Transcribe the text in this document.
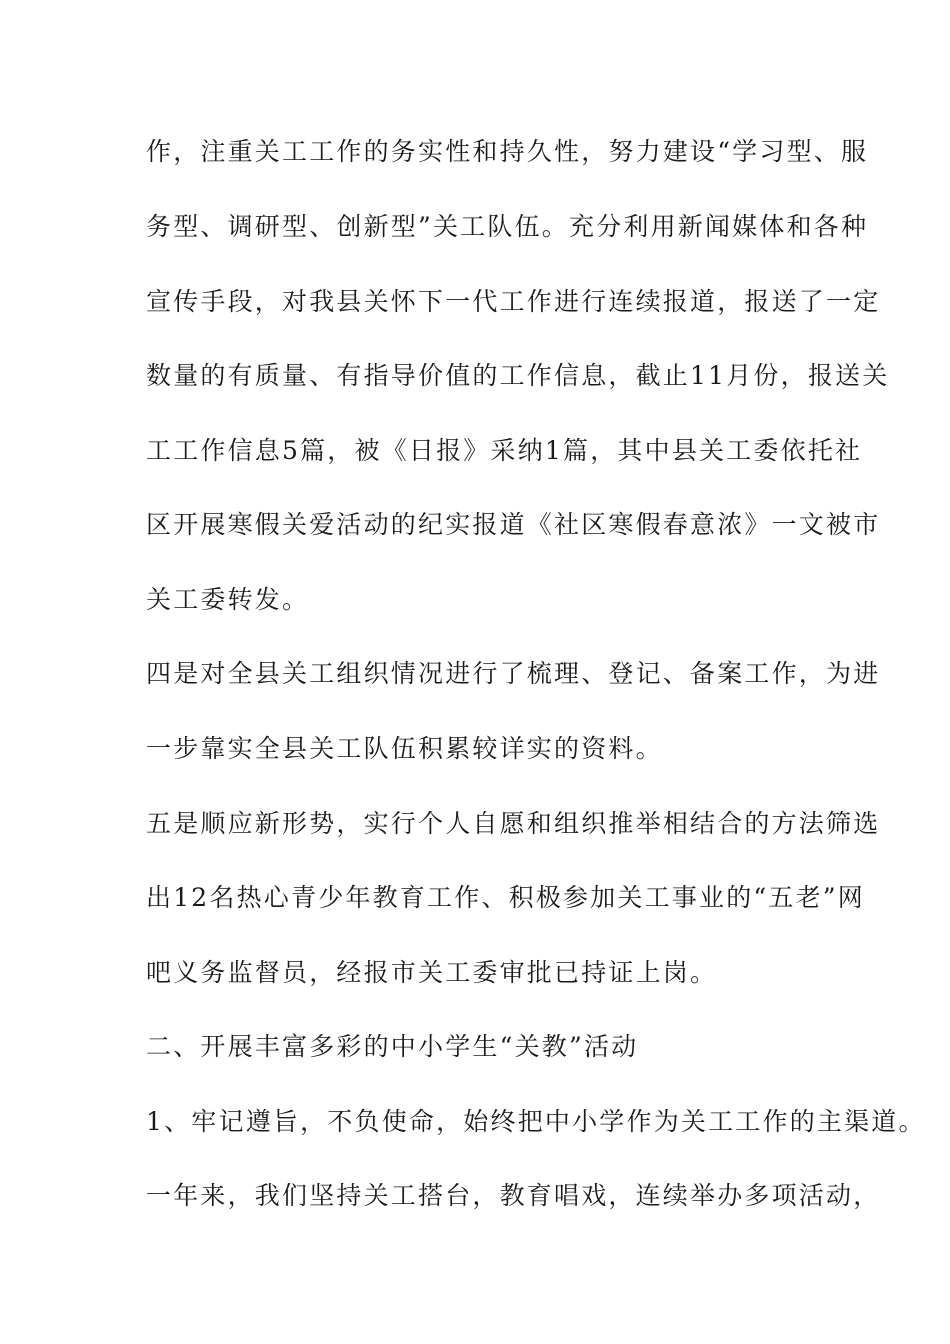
作，注重关工工作的务实性和持久性，努力建设“学习型、服

务型、调研型、创新型”关工队伍。充分利用新闻媒体和各种

宣传手段，对我县关怀下一代工作进行连续报道，报送了一定

数量的有质量、有指导价值的工作信息，截止11月份，报送关

工工作信息5篇，被《日报》采纳1篇，其中县关工委依托社

区开展寒假关爱活动的纪实报道《社区寒假春意浓》一文被市

关工委转发。

四是对全县关工组织情况进行了梳理、登记、备案工作，为进

一步靠实全县关工队伍积累较详实的资料。

五是顺应新形势，实行个人自愿和组织推举相结合的方法筛选

出12名热心青少年教育工作、积极参加关工事业的“五老”网

吧义务监督员，经报市关工委审批已持证上岗。

二、开展丰富多彩的中小学生“关教”活动

1、牢记遵旨，不负使命，始终把中小学作为关工工作的主渠道。

一年来，我们坚持关工搭台，教育唱戏，连续举办多项活动，
